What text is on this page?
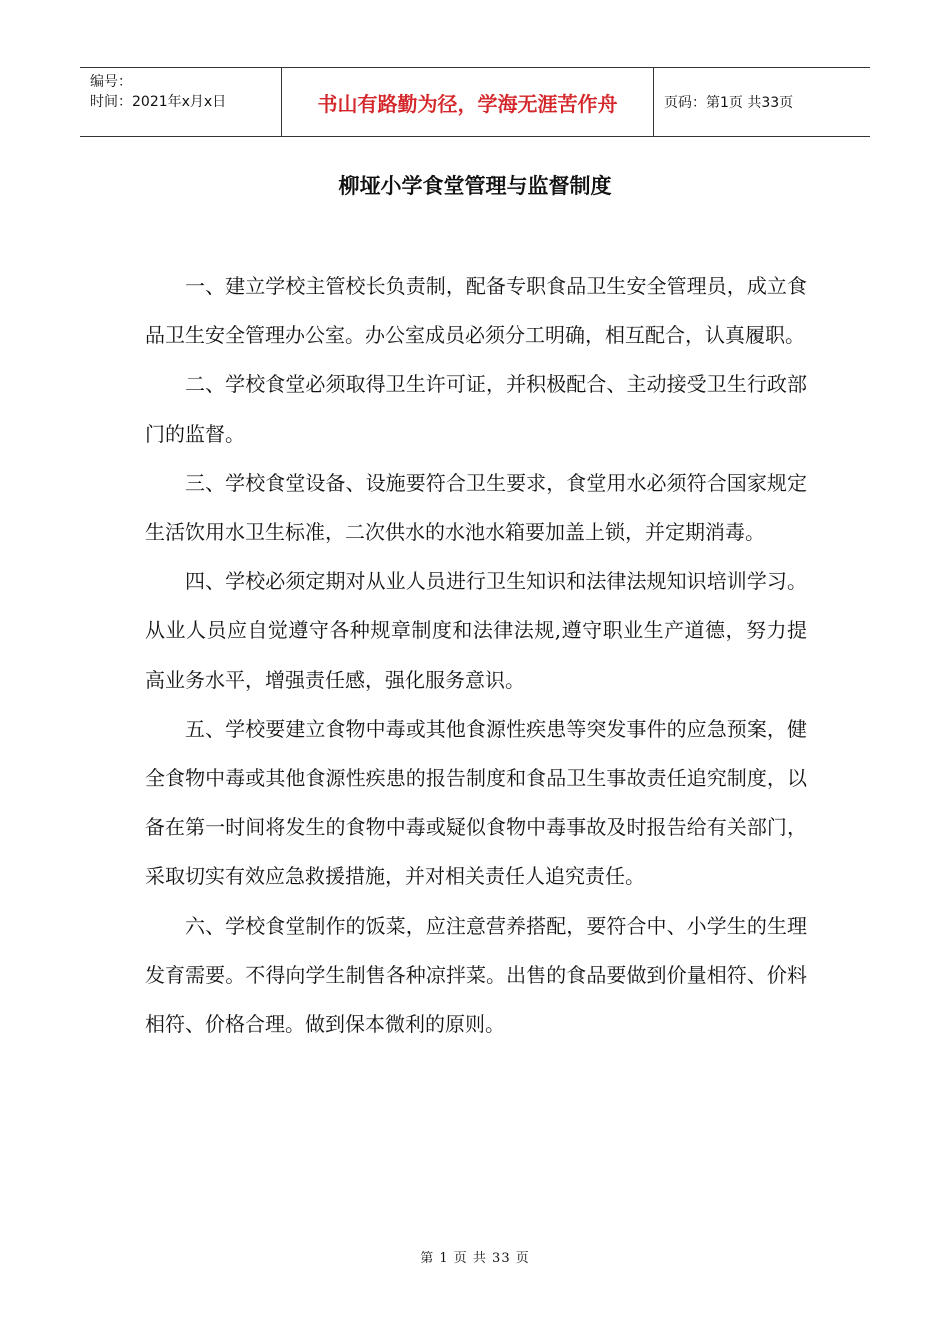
编号：
时间：2021年x月x日	书山有路勤为径，学海无涯苦作舟	页码：第1页 共33页
柳垭小学食堂管理与监督制度

一、建立学校主管校长负责制，配备专职食品卫生安全管理员，成立食品卫生安全管理办公室。办公室成员必须分工明确，相互配合，认真履职。

二、学校食堂必须取得卫生许可证，并积极配合、主动接受卫生行政部门的监督。

三、学校食堂设备、设施要符合卫生要求，食堂用水必须符合国家规定生活饮用水卫生标准，二次供水的水池水箱要加盖上锁，并定期消毒。

四、学校必须定期对从业人员进行卫生知识和法律法规知识培训学习。从业人员应自觉遵守各种规章制度和法律法规,遵守职业生产道德，努力提高业务水平，增强责任感，强化服务意识。

五、学校要建立食物中毒或其他食源性疾患等突发事件的应急预案，健全食物中毒或其他食源性疾患的报告制度和食品卫生事故责任追究制度，以备在第一时间将发生的食物中毒或疑似食物中毒事故及时报告给有关部门，采取切实有效应急救援措施，并对相关责任人追究责任。

六、学校食堂制作的饭菜，应注意营养搭配，要符合中、小学生的生理发育需要。不得向学生制售各种凉拌菜。出售的食品要做到价量相符、价料相符、价格合理。做到保本微利的原则。

第 1 页 共 33 页
